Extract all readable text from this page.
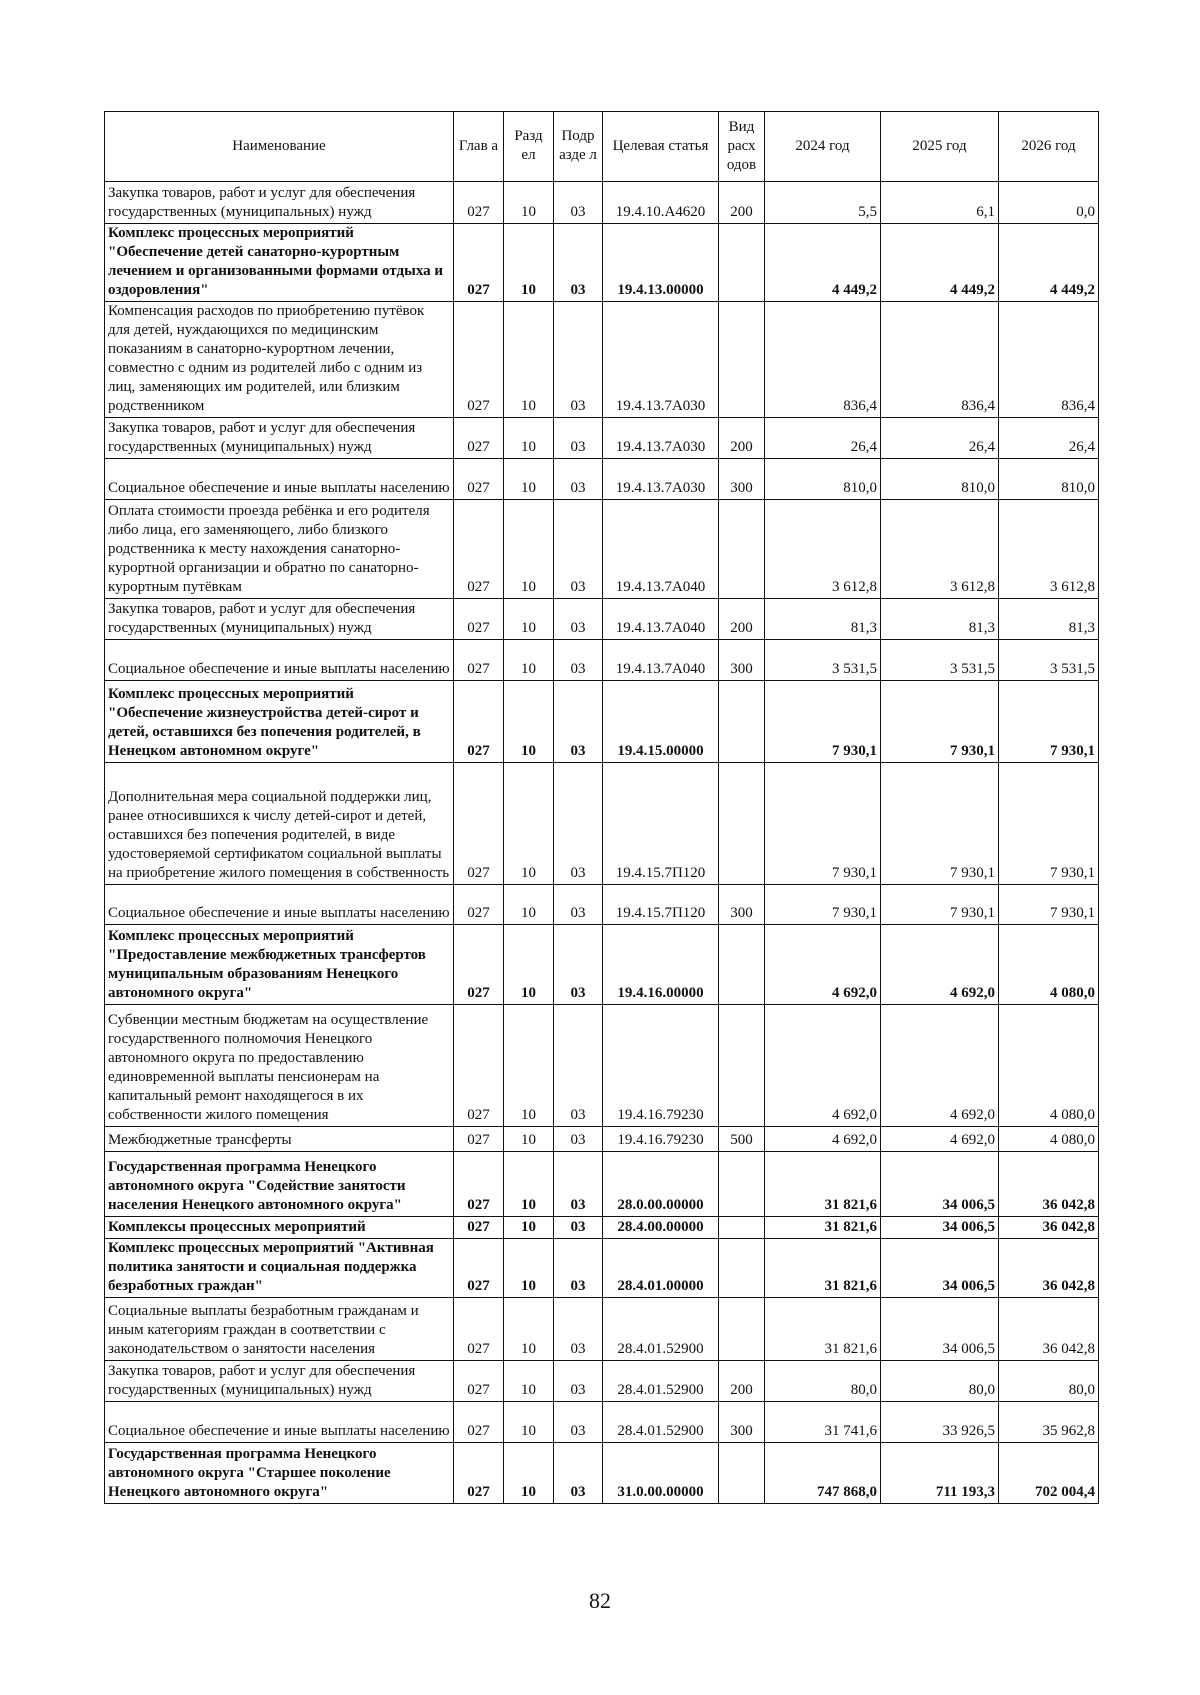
Наименование	Глав а	Разд ел	Подр азде л	Целевая статья	Вид расх одов	2024 год	2025 год	2026 год
Закупка товаров, работ и услуг для обеспечения государственных (муниципальных) нужд	027	10	03	19.4.10.А4620	200	5,5	6,1	0,0
Комплекс процессных мероприятий "Обеспечение детей санаторно-курортным лечением и организованными формами отдыха и оздоровления"	027	10	03	19.4.13.00000		4 449,2	4 449,2	4 449,2
Компенсация расходов по приобретению путёвок для детей, нуждающихся по медицинским показаниям в санаторно-курортном лечении, совместно с одним из родителей либо с одним из лиц, заменяющих им родителей, или близким родственником	027	10	03	19.4.13.7А030		836,4	836,4	836,4
Закупка товаров, работ и услуг для обеспечения государственных (муниципальных) нужд	027	10	03	19.4.13.7А030	200	26,4	26,4	26,4
Социальное обеспечение и иные выплаты населению	027	10	03	19.4.13.7А030	300	810,0	810,0	810,0
Оплата стоимости проезда ребёнка и его родителя либо лица, его заменяющего, либо близкого родственника к месту нахождения санаторно-курортной организации и обратно по санаторно-курортным путёвкам	027	10	03	19.4.13.7А040		3 612,8	3 612,8	3 612,8
Закупка товаров, работ и услуг для обеспечения государственных (муниципальных) нужд	027	10	03	19.4.13.7А040	200	81,3	81,3	81,3
Социальное обеспечение и иные выплаты населению	027	10	03	19.4.13.7А040	300	3 531,5	3 531,5	3 531,5
Комплекс процессных мероприятий "Обеспечение жизнеустройства детей-сирот и детей, оставшихся без попечения родителей, в Ненецком автономном округе"	027	10	03	19.4.15.00000		7 930,1	7 930,1	7 930,1
Дополнительная мера социальной поддержки лиц, ранее относившихся к числу детей-сирот и детей, оставшихся без попечения родителей, в виде удостоверяемой сертификатом социальной выплаты на приобретение жилого помещения в собственность	027	10	03	19.4.15.7П120		7 930,1	7 930,1	7 930,1
Социальное обеспечение и иные выплаты населению	027	10	03	19.4.15.7П120	300	7 930,1	7 930,1	7 930,1
Комплекс процессных мероприятий "Предоставление межбюджетных трансфертов муниципальным образованиям Ненецкого автономного округа"	027	10	03	19.4.16.00000		4 692,0	4 692,0	4 080,0
Субвенции местным бюджетам на осуществление государственного полномочия Ненецкого автономного округа по предоставлению единовременной выплаты пенсионерам на капитальный ремонт находящегося в их собственности жилого помещения	027	10	03	19.4.16.79230		4 692,0	4 692,0	4 080,0
Межбюджетные трансферты	027	10	03	19.4.16.79230	500	4 692,0	4 692,0	4 080,0
Государственная программа Ненецкого автономного округа "Содействие занятости населения Ненецкого автономного округа"	027	10	03	28.0.00.00000		31 821,6	34 006,5	36 042,8
Комплексы процессных мероприятий	027	10	03	28.4.00.00000		31 821,6	34 006,5	36 042,8
Комплекс процессных мероприятий "Активная политика занятости и социальная поддержка безработных граждан"	027	10	03	28.4.01.00000		31 821,6	34 006,5	36 042,8
Социальные выплаты безработным гражданам и иным категориям граждан в соответствии с законодательством о занятости населения	027	10	03	28.4.01.52900		31 821,6	34 006,5	36 042,8
Закупка товаров, работ и услуг для обеспечения государственных (муниципальных) нужд	027	10	03	28.4.01.52900	200	80,0	80,0	80,0
Социальное обеспечение и иные выплаты населению	027	10	03	28.4.01.52900	300	31 741,6	33 926,5	35 962,8
Государственная программа Ненецкого автономного округа "Старшее поколение Ненецкого автономного округа"	027	10	03	31.0.00.00000		747 868,0	711 193,3	702 004,4
82
